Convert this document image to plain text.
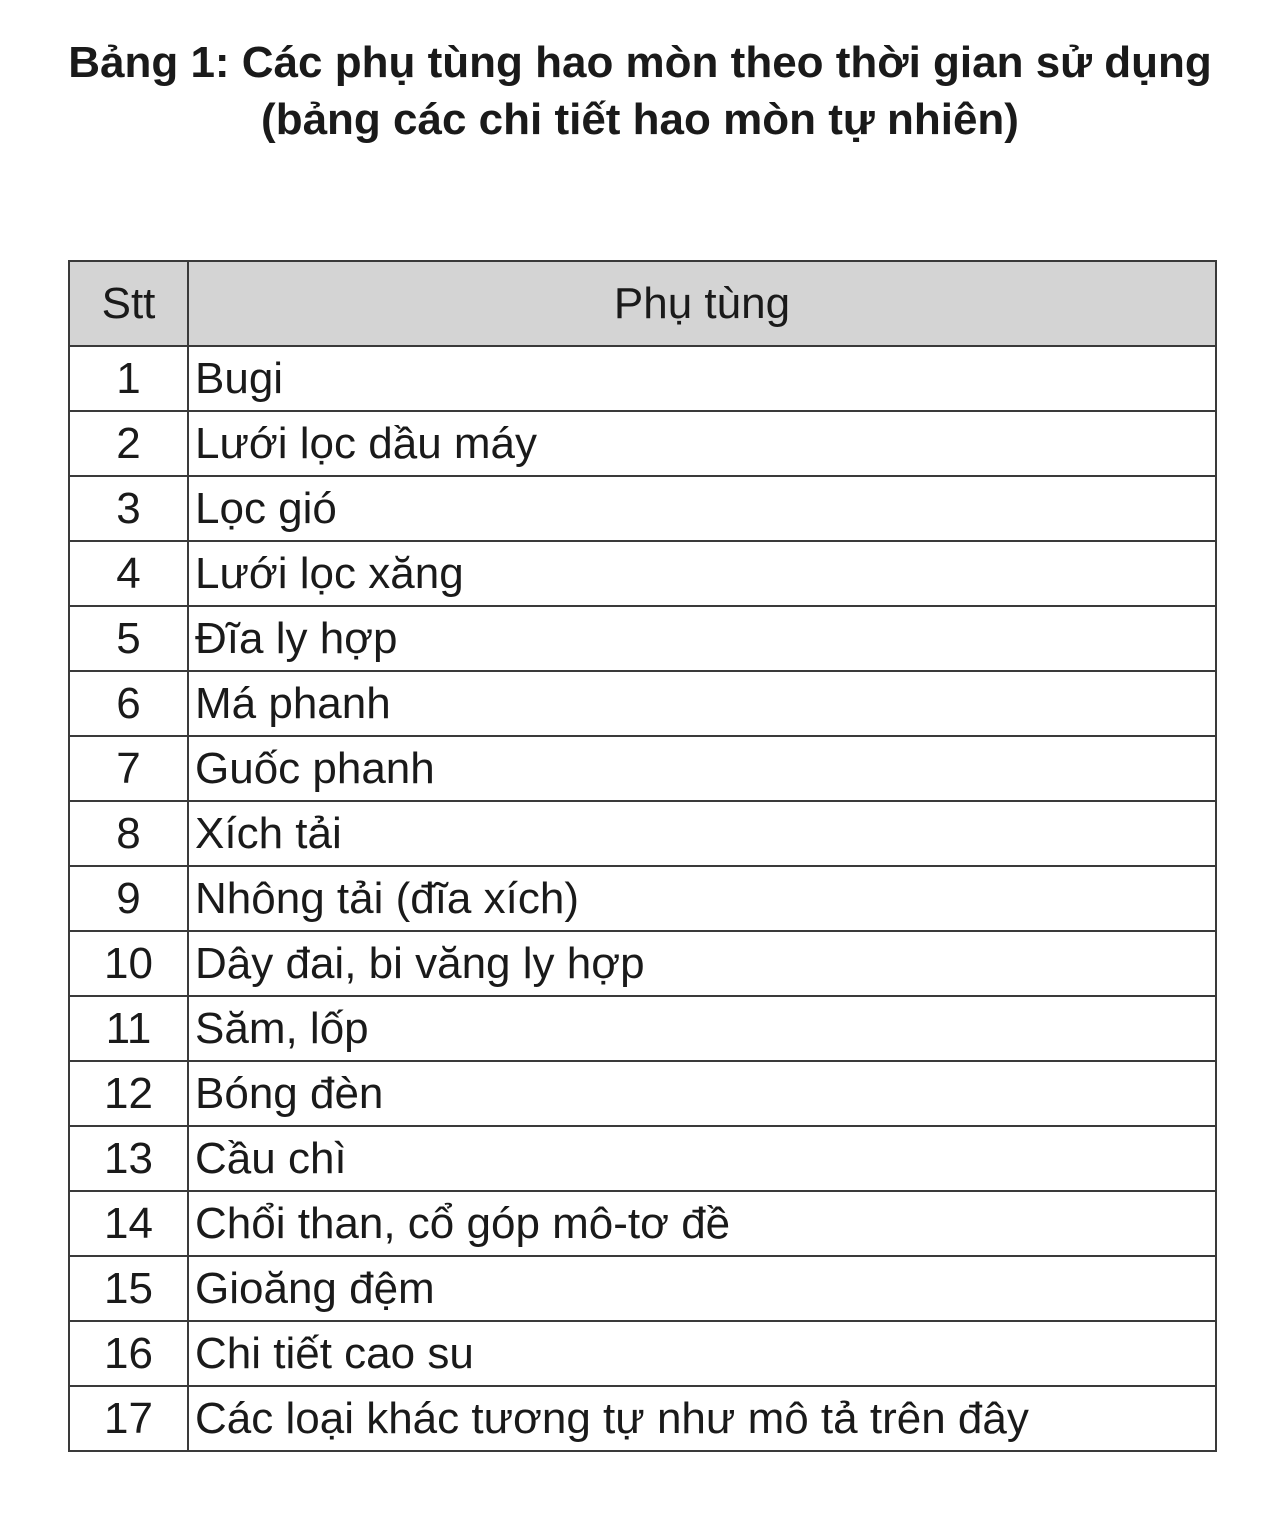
Bảng 1: Các phụ tùng hao mòn theo thời gian sử dụng (bảng các chi tiết hao mòn tự nhiên)
Stt	Phụ tùng
1	Bugi
2	Lưới lọc dầu máy
3	Lọc gió
4	Lưới lọc xăng
5	Đĩa ly hợp
6	Má phanh
7	Guốc phanh
8	Xích tải
9	Nhông tải (đĩa xích)
10	Dây đai, bi văng ly hợp
11	Săm, lốp
12	Bóng đèn
13	Cầu chì
14	Chổi than, cổ góp mô-tơ đề
15	Gioăng đệm
16	Chi tiết cao su
17	Các loại khác tương tự như mô tả trên đây
